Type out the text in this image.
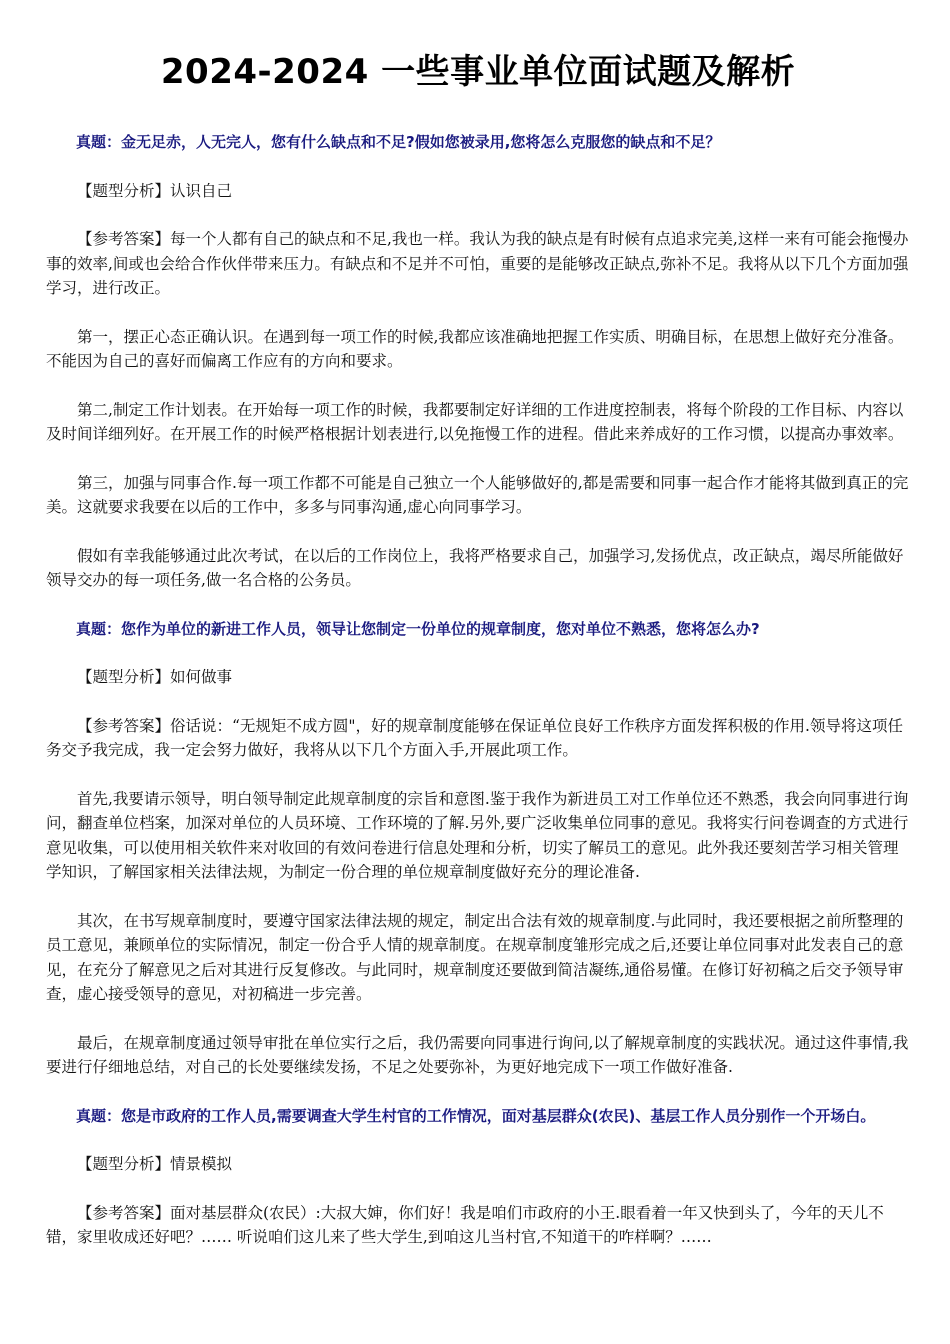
2024-2024 一些事业单位面试题及解析

真题：金无足赤，人无完人，您有什么缺点和不足?假如您被录用,您将怎么克服您的缺点和不足？

【题型分析】认识自己

【参考答案】每一个人都有自己的缺点和不足,我也一样。我认为我的缺点是有时候有点追求完美,这样一来有可能会拖慢办事的效率,间或也会给合作伙伴带来压力。有缺点和不足并不可怕，重要的是能够改正缺点,弥补不足。我将从以下几个方面加强学习，进行改正。

第一，摆正心态正确认识。在遇到每一项工作的时候,我都应该准确地把握工作实质、明确目标，在思想上做好充分准备。不能因为自己的喜好而偏离工作应有的方向和要求。

第二,制定工作计划表。在开始每一项工作的时候，我都要制定好详细的工作进度控制表，将每个阶段的工作目标、内容以及时间详细列好。在开展工作的时候严格根据计划表进行,以免拖慢工作的进程。借此来养成好的工作习惯，以提高办事效率。

第三，加强与同事合作.每一项工作都不可能是自己独立一个人能够做好的,都是需要和同事一起合作才能将其做到真正的完美。这就要求我要在以后的工作中，多多与同事沟通,虚心向同事学习。

假如有幸我能够通过此次考试，在以后的工作岗位上，我将严格要求自己，加强学习,发扬优点，改正缺点，竭尽所能做好领导交办的每一项任务,做一名合格的公务员。

真题：您作为单位的新进工作人员，领导让您制定一份单位的规章制度，您对单位不熟悉，您将怎么办?

【题型分析】如何做事

【参考答案】俗话说：“无规矩不成方圆"，好的规章制度能够在保证单位良好工作秩序方面发挥积极的作用.领导将这项任务交予我完成，我一定会努力做好，我将从以下几个方面入手,开展此项工作。

首先,我要请示领导，明白领导制定此规章制度的宗旨和意图.鉴于我作为新进员工对工作单位还不熟悉，我会向同事进行询问，翻查单位档案，加深对单位的人员环境、工作环境的了解.另外,要广泛收集单位同事的意见。我将实行问卷调查的方式进行意见收集，可以使用相关软件来对收回的有效问卷进行信息处理和分析，切实了解员工的意见。此外我还要刻苦学习相关管理学知识，了解国家相关法律法规，为制定一份合理的单位规章制度做好充分的理论准备.

其次，在书写规章制度时，要遵守国家法律法规的规定，制定出合法有效的规章制度.与此同时，我还要根据之前所整理的员工意见，兼顾单位的实际情况，制定一份合乎人情的规章制度。在规章制度雏形完成之后,还要让单位同事对此发表自己的意见，在充分了解意见之后对其进行反复修改。与此同时，规章制度还要做到简洁凝练,通俗易懂。在修订好初稿之后交予领导审查，虚心接受领导的意见，对初稿进一步完善。

最后，在规章制度通过领导审批在单位实行之后，我仍需要向同事进行询问,以了解规章制度的实践状况。通过这件事情,我要进行仔细地总结，对自己的长处要继续发扬，不足之处要弥补，为更好地完成下一项工作做好准备.

真题：您是市政府的工作人员,需要调查大学生村官的工作情况，面对基层群众(农民)、基层工作人员分别作一个开场白。

【题型分析】情景模拟

【参考答案】面对基层群众(农民）:大叔大婶，你们好！我是咱们市政府的小王.眼看着一年又快到头了，今年的天儿不错，家里收成还好吧？…… 听说咱们这儿来了些大学生,到咱这儿当村官,不知道干的咋样啊？……
